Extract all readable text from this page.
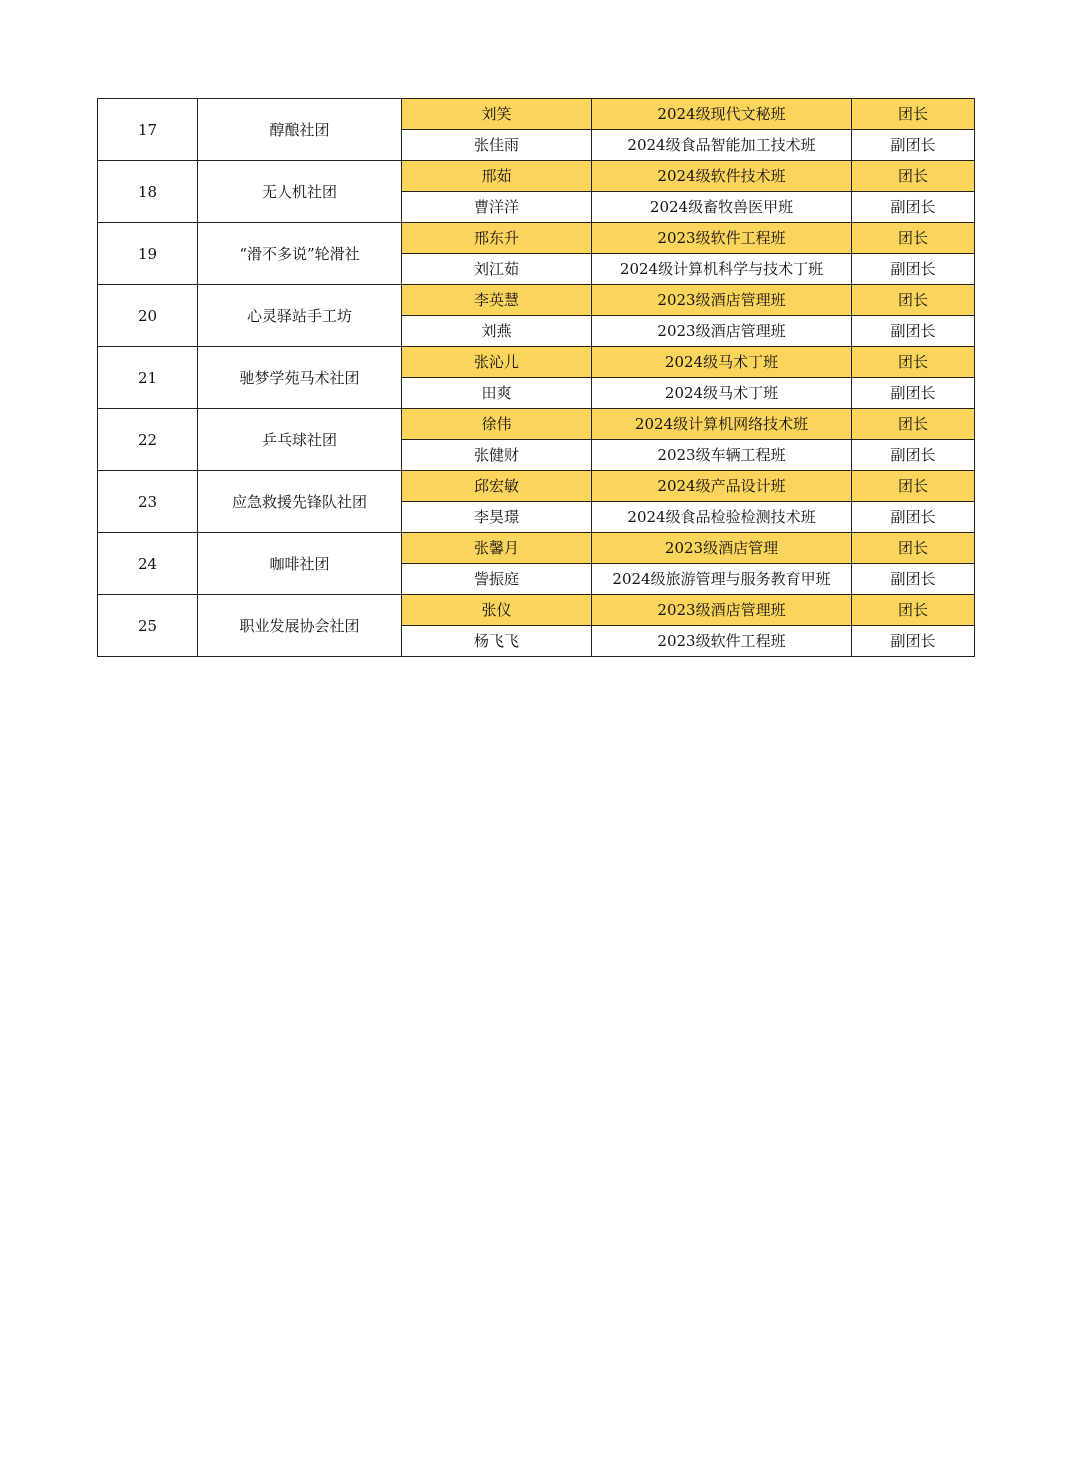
17	醇酿社团	刘笑	2024级现代文秘班	团长
		张佳雨	2024级食品智能加工技术班	副团长
18	无人机社团	邢茹	2024级软件技术班	团长
		曹洋洋	2024级畜牧兽医甲班	副团长
19	“滑不多说”轮滑社	邢东升	2023级软件工程班	团长
		刘江茹	2024级计算机科学与技术丁班	副团长
20	心灵驿站手工坊	李英慧	2023级酒店管理班	团长
		刘燕	2023级酒店管理班	副团长
21	驰梦学苑马术社团	张沁儿	2024级马术丁班	团长
		田爽	2024级马术丁班	副团长
22	乒乓球社团	徐伟	2024级计算机网络技术班	团长
		张健财	2023级车辆工程班	副团长
23	应急救援先锋队社团	邱宏敏	2024级产品设计班	团长
		李昊璟	2024级食品检验检测技术班	副团长
24	咖啡社团	张馨月	2023级酒店管理	团长
		訾振庭	2024级旅游管理与服务教育甲班	副团长
25	职业发展协会社团	张仪	2023级酒店管理班	团长
		杨飞飞	2023级软件工程班	副团长
